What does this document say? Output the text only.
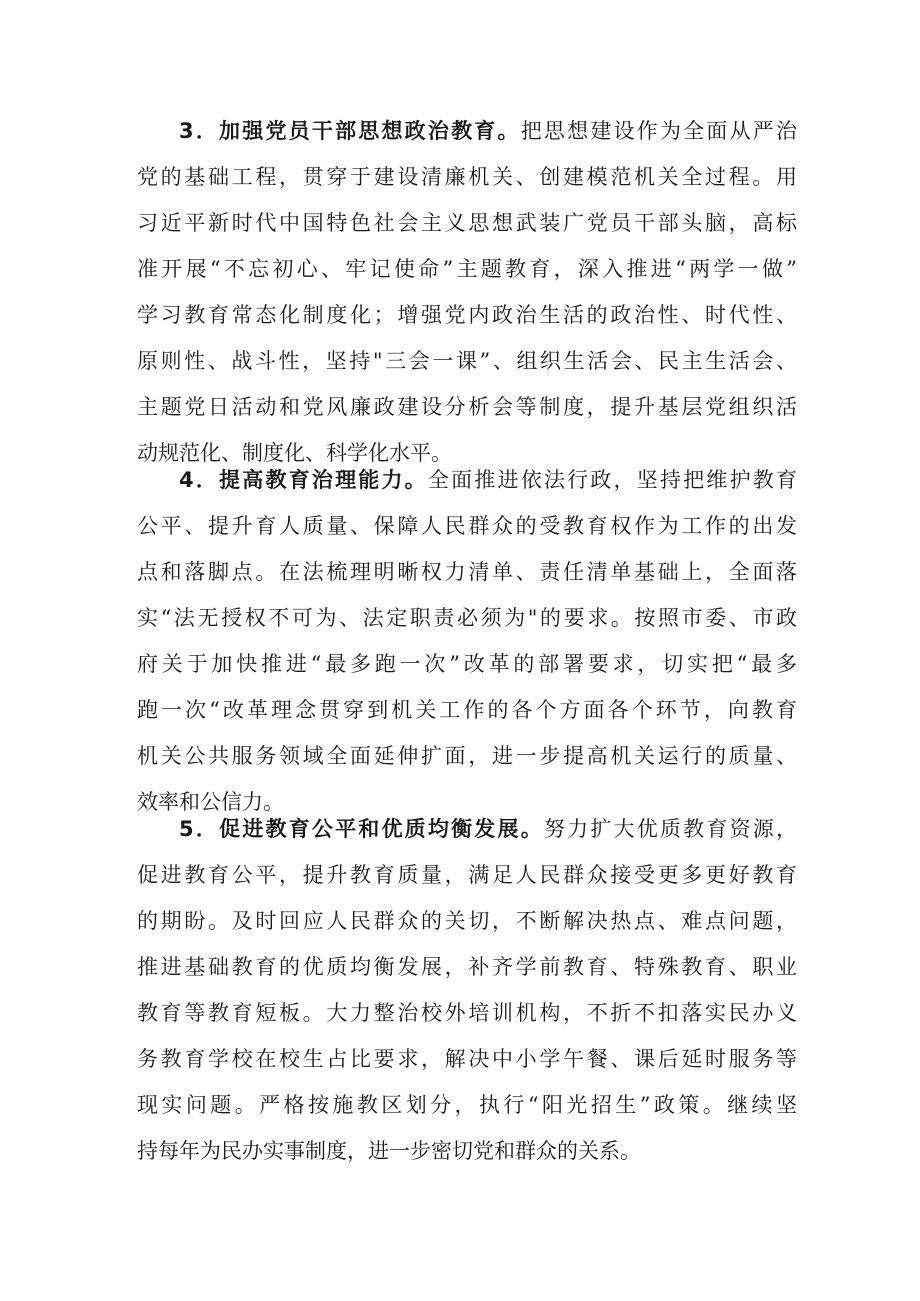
3．加强党员干部思想政治教育。把思想建设作为全面从严治
党的基础工程，贯穿于建设清廉机关、创建模范机关全过程。用
习近平新时代中国特色社会主义思想武装广党员干部头脑，高标
准开展“不忘初心、牢记使命”主题教育，深入推进“两学一做”
学习教育常态化制度化；增强党内政治生活的政治性、时代性、
原则性、战斗性，坚持"三会一课”、组织生活会、民主生活会、
主题党日活动和党风廉政建设分析会等制度，提升基层党组织活
动规范化、制度化、科学化水平。
4．提高教育治理能力。全面推进依法行政，坚持把维护教育
公平、提升育人质量、保障人民群众的受教育权作为工作的出发
点和落脚点。在法梳理明晰权力清单、责任清单基础上，全面落
实“法无授权不可为、法定职责必须为"的要求。按照市委、市政
府关于加快推进“最多跑一次”改革的部署要求，切实把“最多
跑一次“改革理念贯穿到机关工作的各个方面各个环节，向教育
机关公共服务领域全面延伸扩面，进一步提高机关运行的质量、
效率和公信力。
5．促进教育公平和优质均衡发展。努力扩大优质教育资源，
促进教育公平，提升教育质量，满足人民群众接受更多更好教育
的期盼。及时回应人民群众的关切，不断解决热点、难点问题，
推进基础教育的优质均衡发展，补齐学前教育、特殊教育、职业
教育等教育短板。大力整治校外培训机构，不折不扣落实民办义
务教育学校在校生占比要求，解决中小学午餐、课后延时服务等
现实问题。严格按施教区划分，执行“阳光招生”政策。继续坚
持每年为民办实事制度，进一步密切党和群众的关系。
